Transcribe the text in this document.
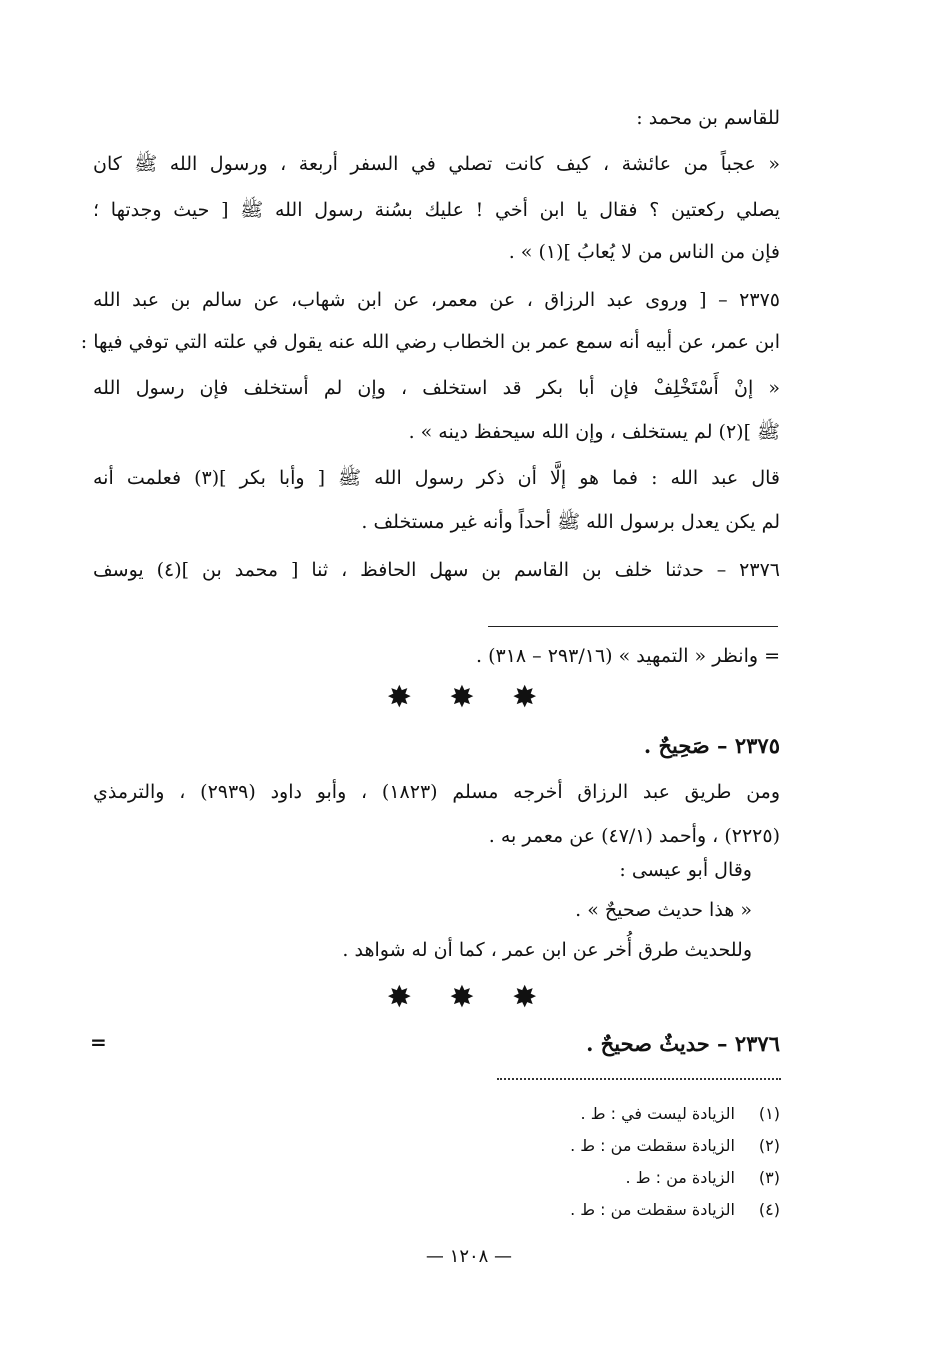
للقاسم بن محمد :
« عجباً من عائشة ، كيف كانت تصلي في السفر أربعة ، ورسول الله ﷺ كان
يصلي ركعتين ؟ فقال يا ابن أخي ! عليك بسُنة رسول الله ﷺ [ حيث وجدتها ؛
فإن من الناس من لا يُعابُ ](١) » .
٢٣٧٥ – [ وروى عبد الرزاق ، عن معمر، عن ابن شهاب، عن سالم بن عبد الله
ابن عمر، عن أبيه أنه سمع عمر بن الخطاب رضي الله عنه يقول في علته التي توفي فيها :
« إنْ أَسْتَخْلِفْ فإن أبا بكر قد استخلف ، وإن لم أستخلف فإن رسول الله
ﷺ ](٢) لم يستخلف ، وإن الله سيحفظ دينه » .
قال عبد الله : فما هو إلَّا أن ذكر رسول الله ﷺ [ وأبا بكر ](٣) فعلمت أنه
لم يكن يعدل برسول الله ﷺ أحداً وأنه غير مستخلف .
٢٣٧٦ – حدثنا خلف بن القاسم بن سهل الحافظ ، ثنا [ محمد بن ](٤) يوسف
= وانظر « التمهيد » (٢٩٣/١٦ – ٣١٨) .
✸ ✸ ✸
٢٣٧٥ – صَحِيحٌ .
ومن طريق عبد الرزاق أخرجه مسلم (١٨٢٣) ، وأبو داود (٢٩٣٩) ، والترمذي
(٢٢٢٥) ، وأحمد (٤٧/١) عن معمر به .
وقال أبو عيسى :
« هذا حديث صحيحٌ » .
وللحديث طرق أُخر عن ابن عمر ، كما أن له شواهد .
✸ ✸ ✸
٢٣٧٦ – حديثٌ صحيحٌ .
=
(١) الزيادة ليست في : ط .
(٢) الزيادة سقطت من : ط .
(٣) الزيادة من : ط .
(٤) الزيادة سقطت من : ط .
— ١٢٠٨ —
